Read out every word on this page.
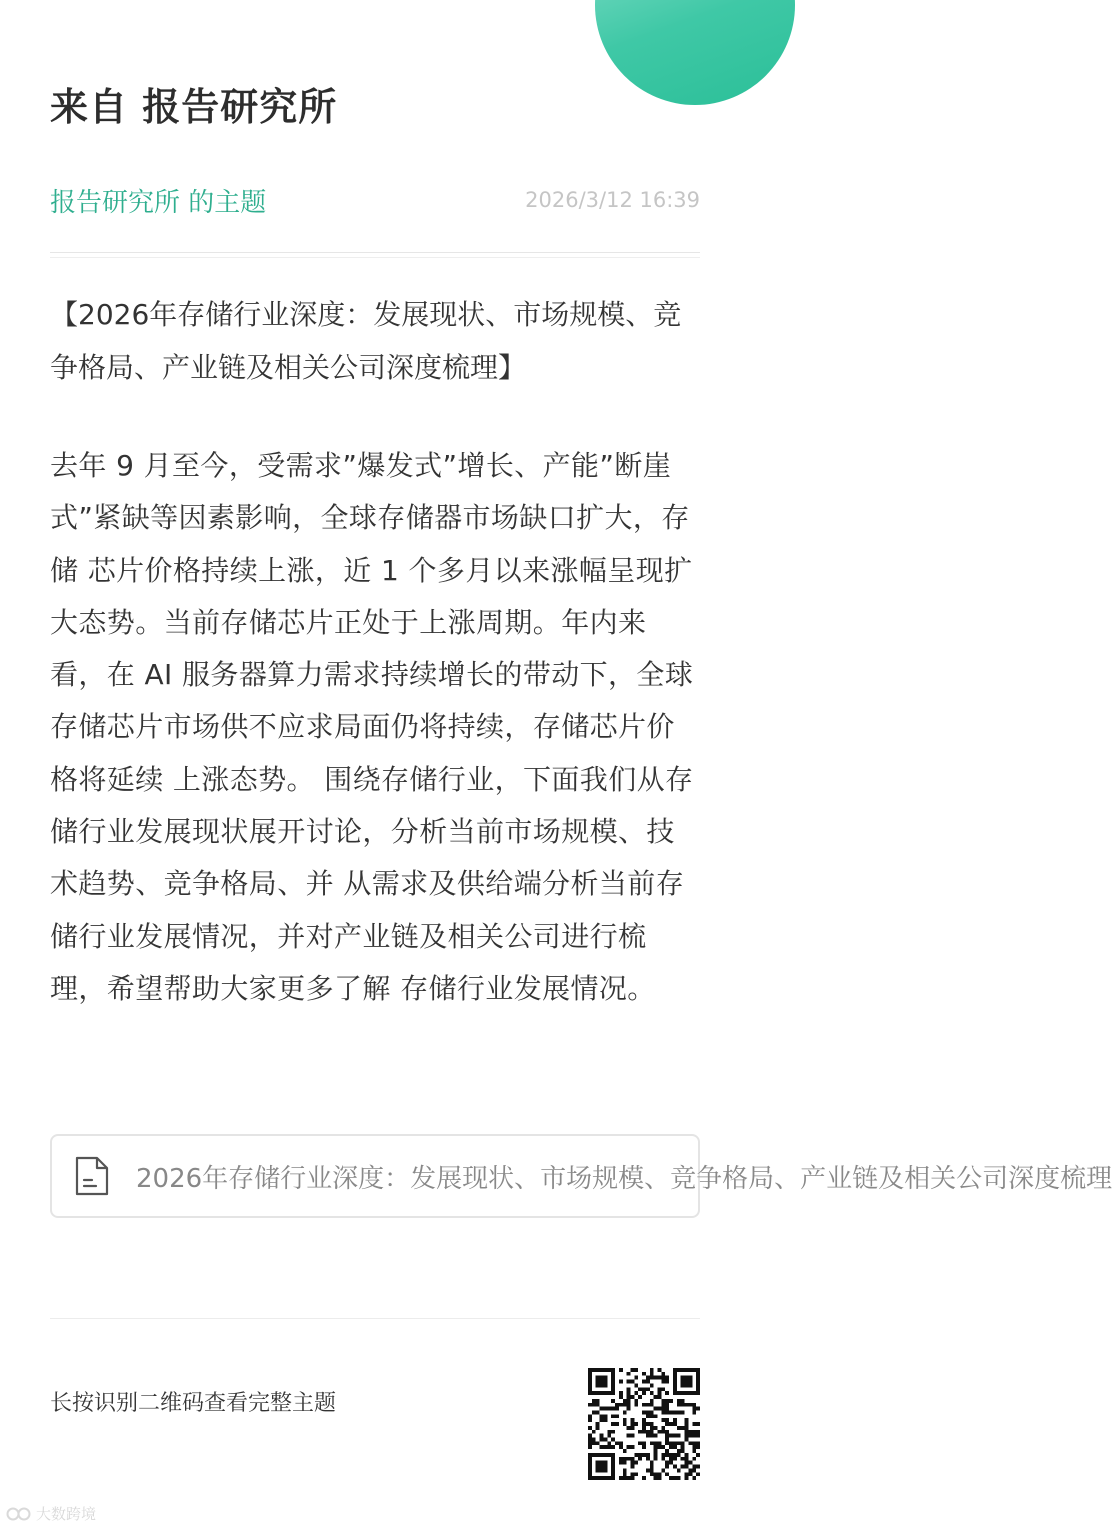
来自 报告研究所
报告研究所 的主题	2026/3/12 16:39
【2026年存储行业深度：发展现状、市场规模、竞争格局、产业链及相关公司深度梳理】
去年 9 月至今，受需求”爆发式”增长、产能”断崖式”紧缺等因素影响，全球存储器市场缺口扩大，存储 芯片价格持续上涨，近 1 个多月以来涨幅呈现扩大态势。当前存储芯片正处于上涨周期。年内来看，在 AI 服务器算力需求持续增长的带动下，全球存储芯片市场供不应求局面仍将持续，存储芯片价格将延续 上涨态势。 围绕存储行业，下面我们从存储行业发展现状展开讨论，分析当前市场规模、技术趋势、竞争格局、并 从需求及供给端分析当前存储行业发展情况，并对产业链及相关公司进行梳理，希望帮助大家更多了解 存储行业发展情况。
2026年存储行业深度：发展现状、市场规模、竞争格局、产业链及相关公司深度梳理
长按识别二维码查看完整主题
大数跨境
